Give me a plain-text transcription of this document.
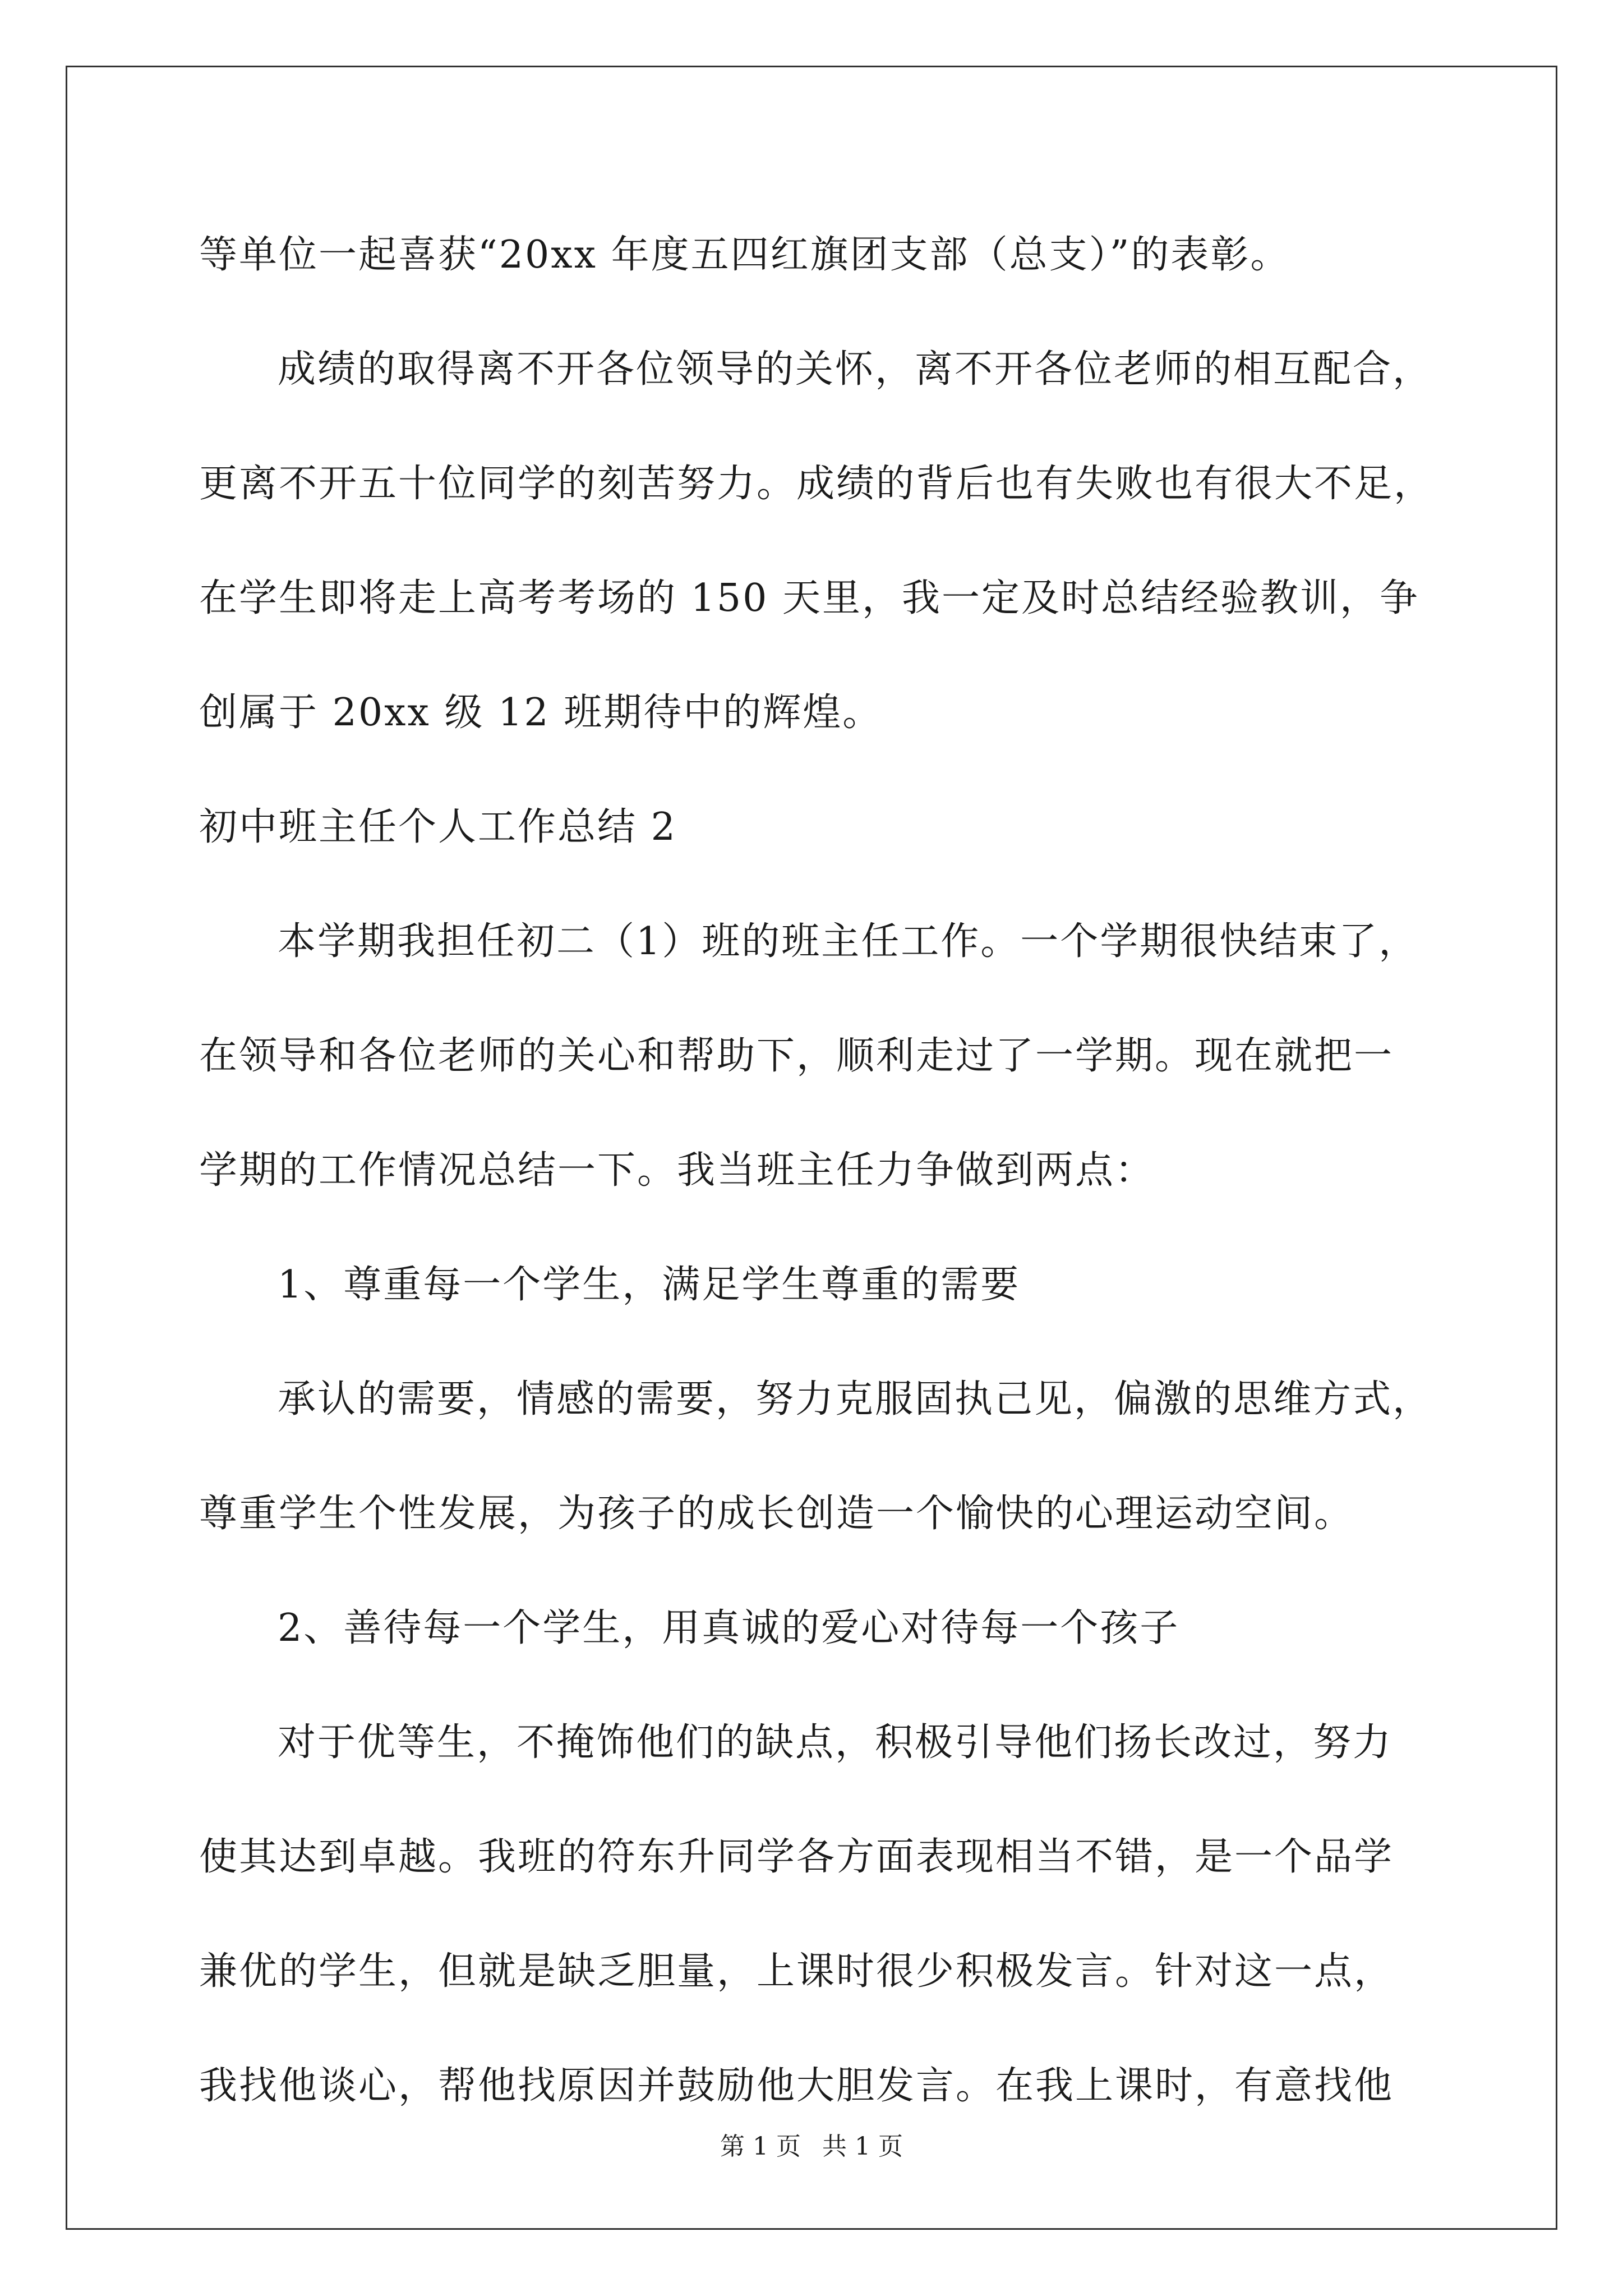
等单位一起喜获“20xx 年度五四红旗团支部（总支）”的表彰。
成绩的取得离不开各位领导的关怀，离不开各位老师的相互配合，
更离不开五十位同学的刻苦努力。成绩的背后也有失败也有很大不足，
在学生即将走上高考考场的 150 天里，我一定及时总结经验教训，争
创属于 20xx 级 12 班期待中的辉煌。
初中班主任个人工作总结 2
本学期我担任初二（1）班的班主任工作。一个学期很快结束了，
在领导和各位老师的关心和帮助下，顺利走过了一学期。现在就把一
学期的工作情况总结一下。我当班主任力争做到两点：
1、尊重每一个学生，满足学生尊重的需要
承认的需要，情感的需要，努力克服固执己见，偏激的思维方式，
尊重学生个性发展，为孩子的成长创造一个愉快的心理运动空间。
2、善待每一个学生，用真诚的爱心对待每一个孩子
对于优等生，不掩饰他们的缺点，积极引导他们扬长改过，努力
使其达到卓越。我班的符东升同学各方面表现相当不错，是一个品学
兼优的学生，但就是缺乏胆量，上课时很少积极发言。针对这一点，
我找他谈心，帮他找原因并鼓励他大胆发言。在我上课时，有意找他
第 1 页 共 1 页
